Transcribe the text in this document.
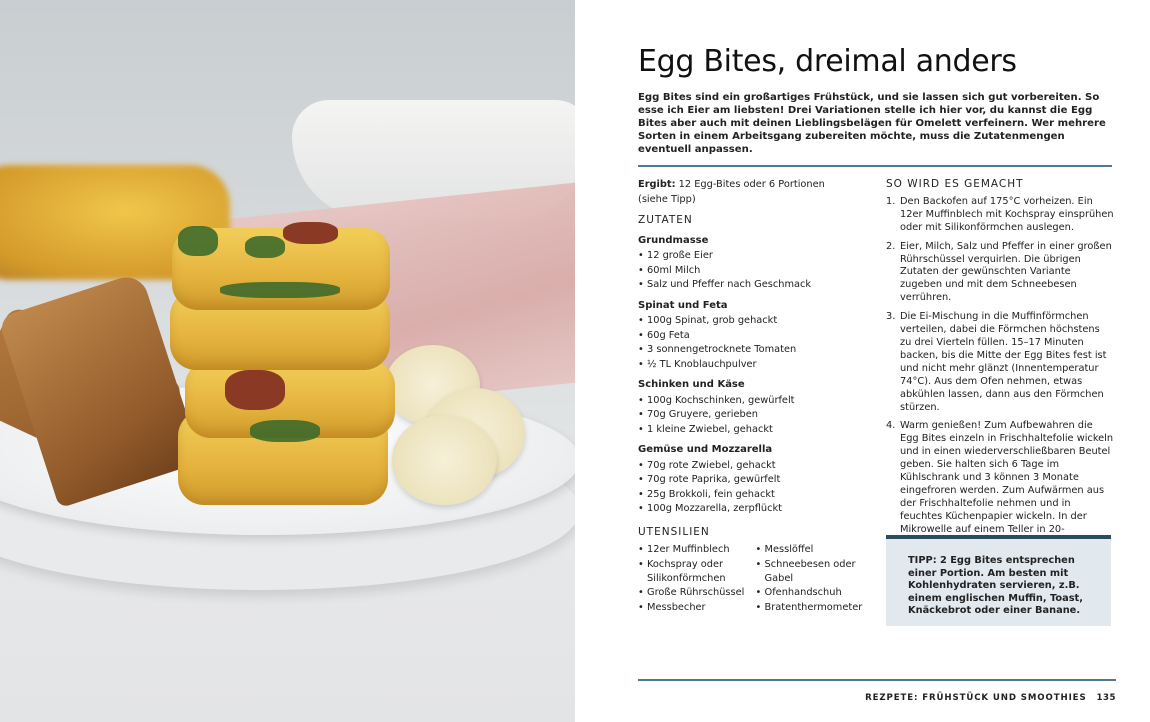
Egg Bites, dreimal anders

Egg Bites sind ein großartiges Frühstück, und sie lassen sich gut vorbereiten. So esse ich Eier am liebsten! Drei Variationen stelle ich hier vor, du kannst die Egg Bites aber auch mit deinen Lieblingsbelägen für Omelett verfeinern. Wer mehrere Sorten in einem Arbeitsgang zubereiten möchte, muss die Zutatenmengen eventuell anpassen.

Ergibt: 12 Egg-Bites oder 6 Portionen (siehe Tipp)

ZUTATEN
Grundmasse
• 12 große Eier
• 60ml Milch
• Salz und Pfeffer nach Geschmack
Spinat und Feta
• 100g Spinat, grob gehackt
• 60g Feta
• 3 sonnengetrocknete Tomaten
• ½ TL Knoblauchpulver
Schinken und Käse
• 100g Kochschinken, gewürfelt
• 70g Gruyere, gerieben
• 1 kleine Zwiebel, gehackt
Gemüse und Mozzarella
• 70g rote Zwiebel, gehackt
• 70g rote Paprika, gewürfelt
• 25g Brokkoli, fein gehackt
• 100g Mozzarella, zerpflückt
UTENSILIEN
• 12er Muffinblech
• Kochspray oder Silikonförmchen
• Große Rührschüssel
• Messbecher
• Messlöffel
• Schneebesen oder Gabel
• Ofenhandschuh
• Bratenthermometer
SO WIRD ES GEMACHT
1. Den Backofen auf 175°C vorheizen. Ein 12er Muffinblech mit Kochspray einsprühen oder mit Silikonförmchen auslegen.
2. Eier, Milch, Salz und Pfeffer in einer großen Rührschüssel verquirlen. Die übrigen Zutaten der gewünschten Variante zugeben und mit dem Schneebesen verrühren.
3. Die Ei-Mischung in die Muffinförmchen verteilen, dabei die Förmchen höchstens zu drei Vierteln füllen. 15–17 Minuten backen, bis die Mitte der Egg Bites fest ist und nicht mehr glänzt (Innentemperatur 74°C). Aus dem Ofen nehmen, etwas abkühlen lassen, dann aus den Förmchen stürzen.
4. Warm genießen! Zum Aufbewahren die Egg Bites einzeln in Frischhaltefolie wickeln und in einen wiederverschließbaren Beutel geben. Sie halten sich 6 Tage im Kühlschrank und 3 können 3 Monate eingefroren werden. Zum Aufwärmen aus der Frischhaltefolie nehmen und in feuchtes Küchenpapier wickeln. In der Mikrowelle auf einem Teller in 20-
TIPP: 2 Egg Bites entsprechen einer Portion. Am besten mit Kohlenhydraten servieren, z.B. einem englischen Muffin, Toast, Knäckebrot oder einer Banane.
REZPETE: FRÜHSTÜCK UND SMOOTHIES 135
